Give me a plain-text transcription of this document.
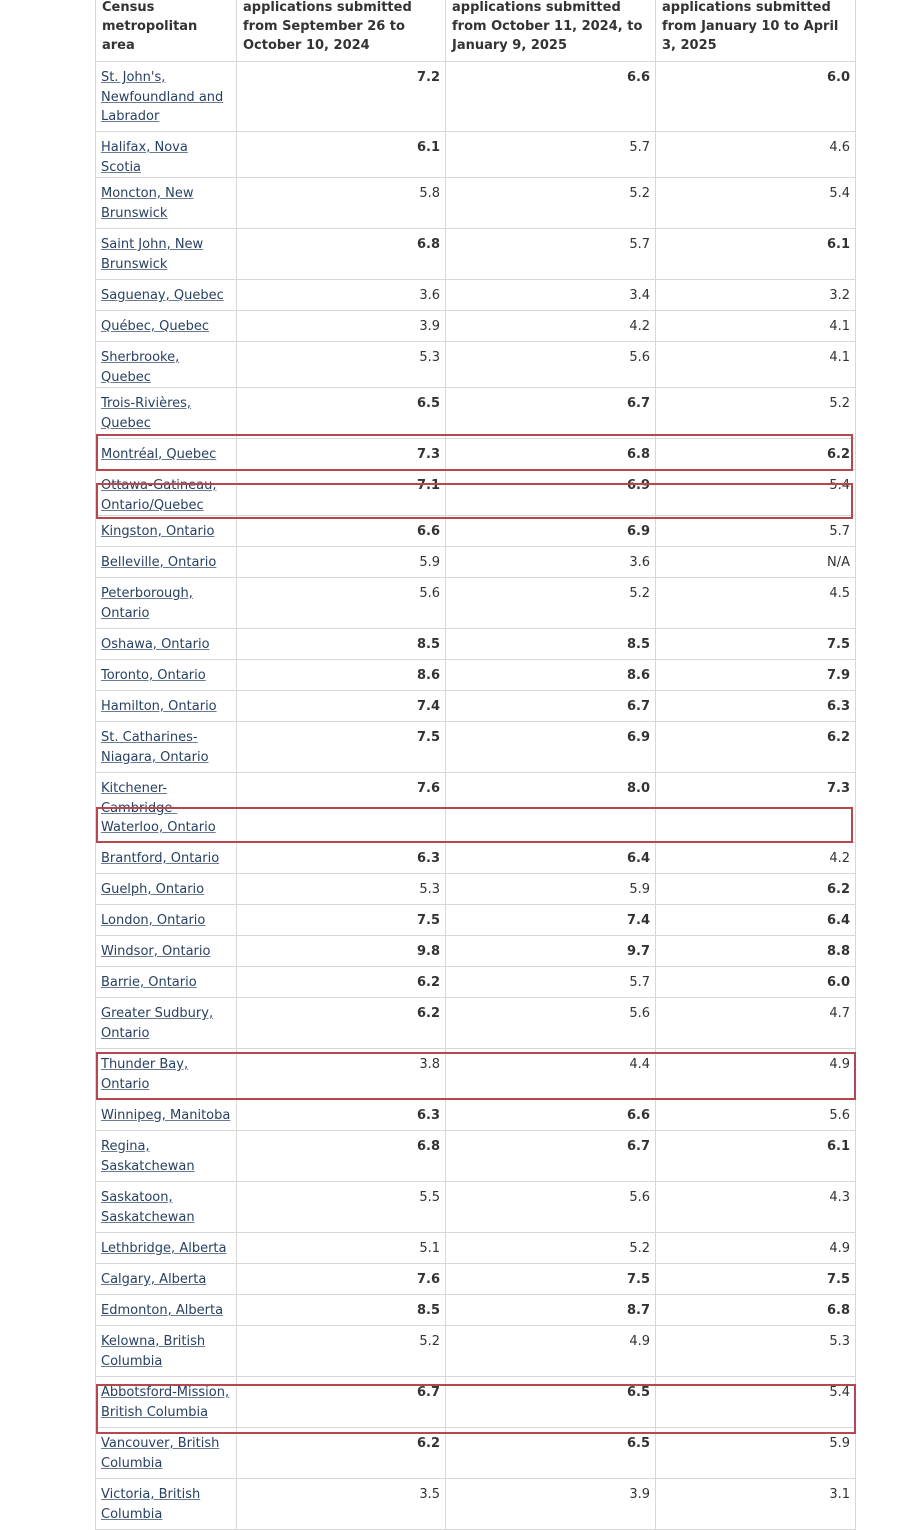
Census metropolitan area	applications submitted from September 26 to October 10, 2024	applications submitted from October 11, 2024, to January 9, 2025	applications submitted from January 10 to April 3, 2025
St. John's, Newfoundland and Labrador	7.2	6.6	6.0
Halifax, Nova Scotia	6.1	5.7	4.6
Moncton, New Brunswick	5.8	5.2	5.4
Saint John, New Brunswick	6.8	5.7	6.1
Saguenay, Quebec	3.6	3.4	3.2
Québec, Quebec	3.9	4.2	4.1
Sherbrooke, Quebec	5.3	5.6	4.1
Trois-Rivières, Quebec	6.5	6.7	5.2
Montréal, Quebec	7.3	6.8	6.2
Ottawa-Gatineau, Ontario/Quebec	7.1	6.9	5.4
Kingston, Ontario	6.6	6.9	5.7
Belleville, Ontario	5.9	3.6	N/A
Peterborough, Ontario	5.6	5.2	4.5
Oshawa, Ontario	8.5	8.5	7.5
Toronto, Ontario	8.6	8.6	7.9
Hamilton, Ontario	7.4	6.7	6.3
St. Catharines-Niagara, Ontario	7.5	6.9	6.2
Kitchener-Cambridge-Waterloo, Ontario	7.6	8.0	7.3
Brantford, Ontario	6.3	6.4	4.2
Guelph, Ontario	5.3	5.9	6.2
London, Ontario	7.5	7.4	6.4
Windsor, Ontario	9.8	9.7	8.8
Barrie, Ontario	6.2	5.7	6.0
Greater Sudbury, Ontario	6.2	5.6	4.7
Thunder Bay, Ontario	3.8	4.4	4.9
Winnipeg, Manitoba	6.3	6.6	5.6
Regina, Saskatchewan	6.8	6.7	6.1
Saskatoon, Saskatchewan	5.5	5.6	4.3
Lethbridge, Alberta	5.1	5.2	4.9
Calgary, Alberta	7.6	7.5	7.5
Edmonton, Alberta	8.5	8.7	6.8
Kelowna, British Columbia	5.2	4.9	5.3
Abbotsford-Mission, British Columbia	6.7	6.5	5.4
Vancouver, British Columbia	6.2	6.5	5.9
Victoria, British Columbia	3.5	3.9	3.1
